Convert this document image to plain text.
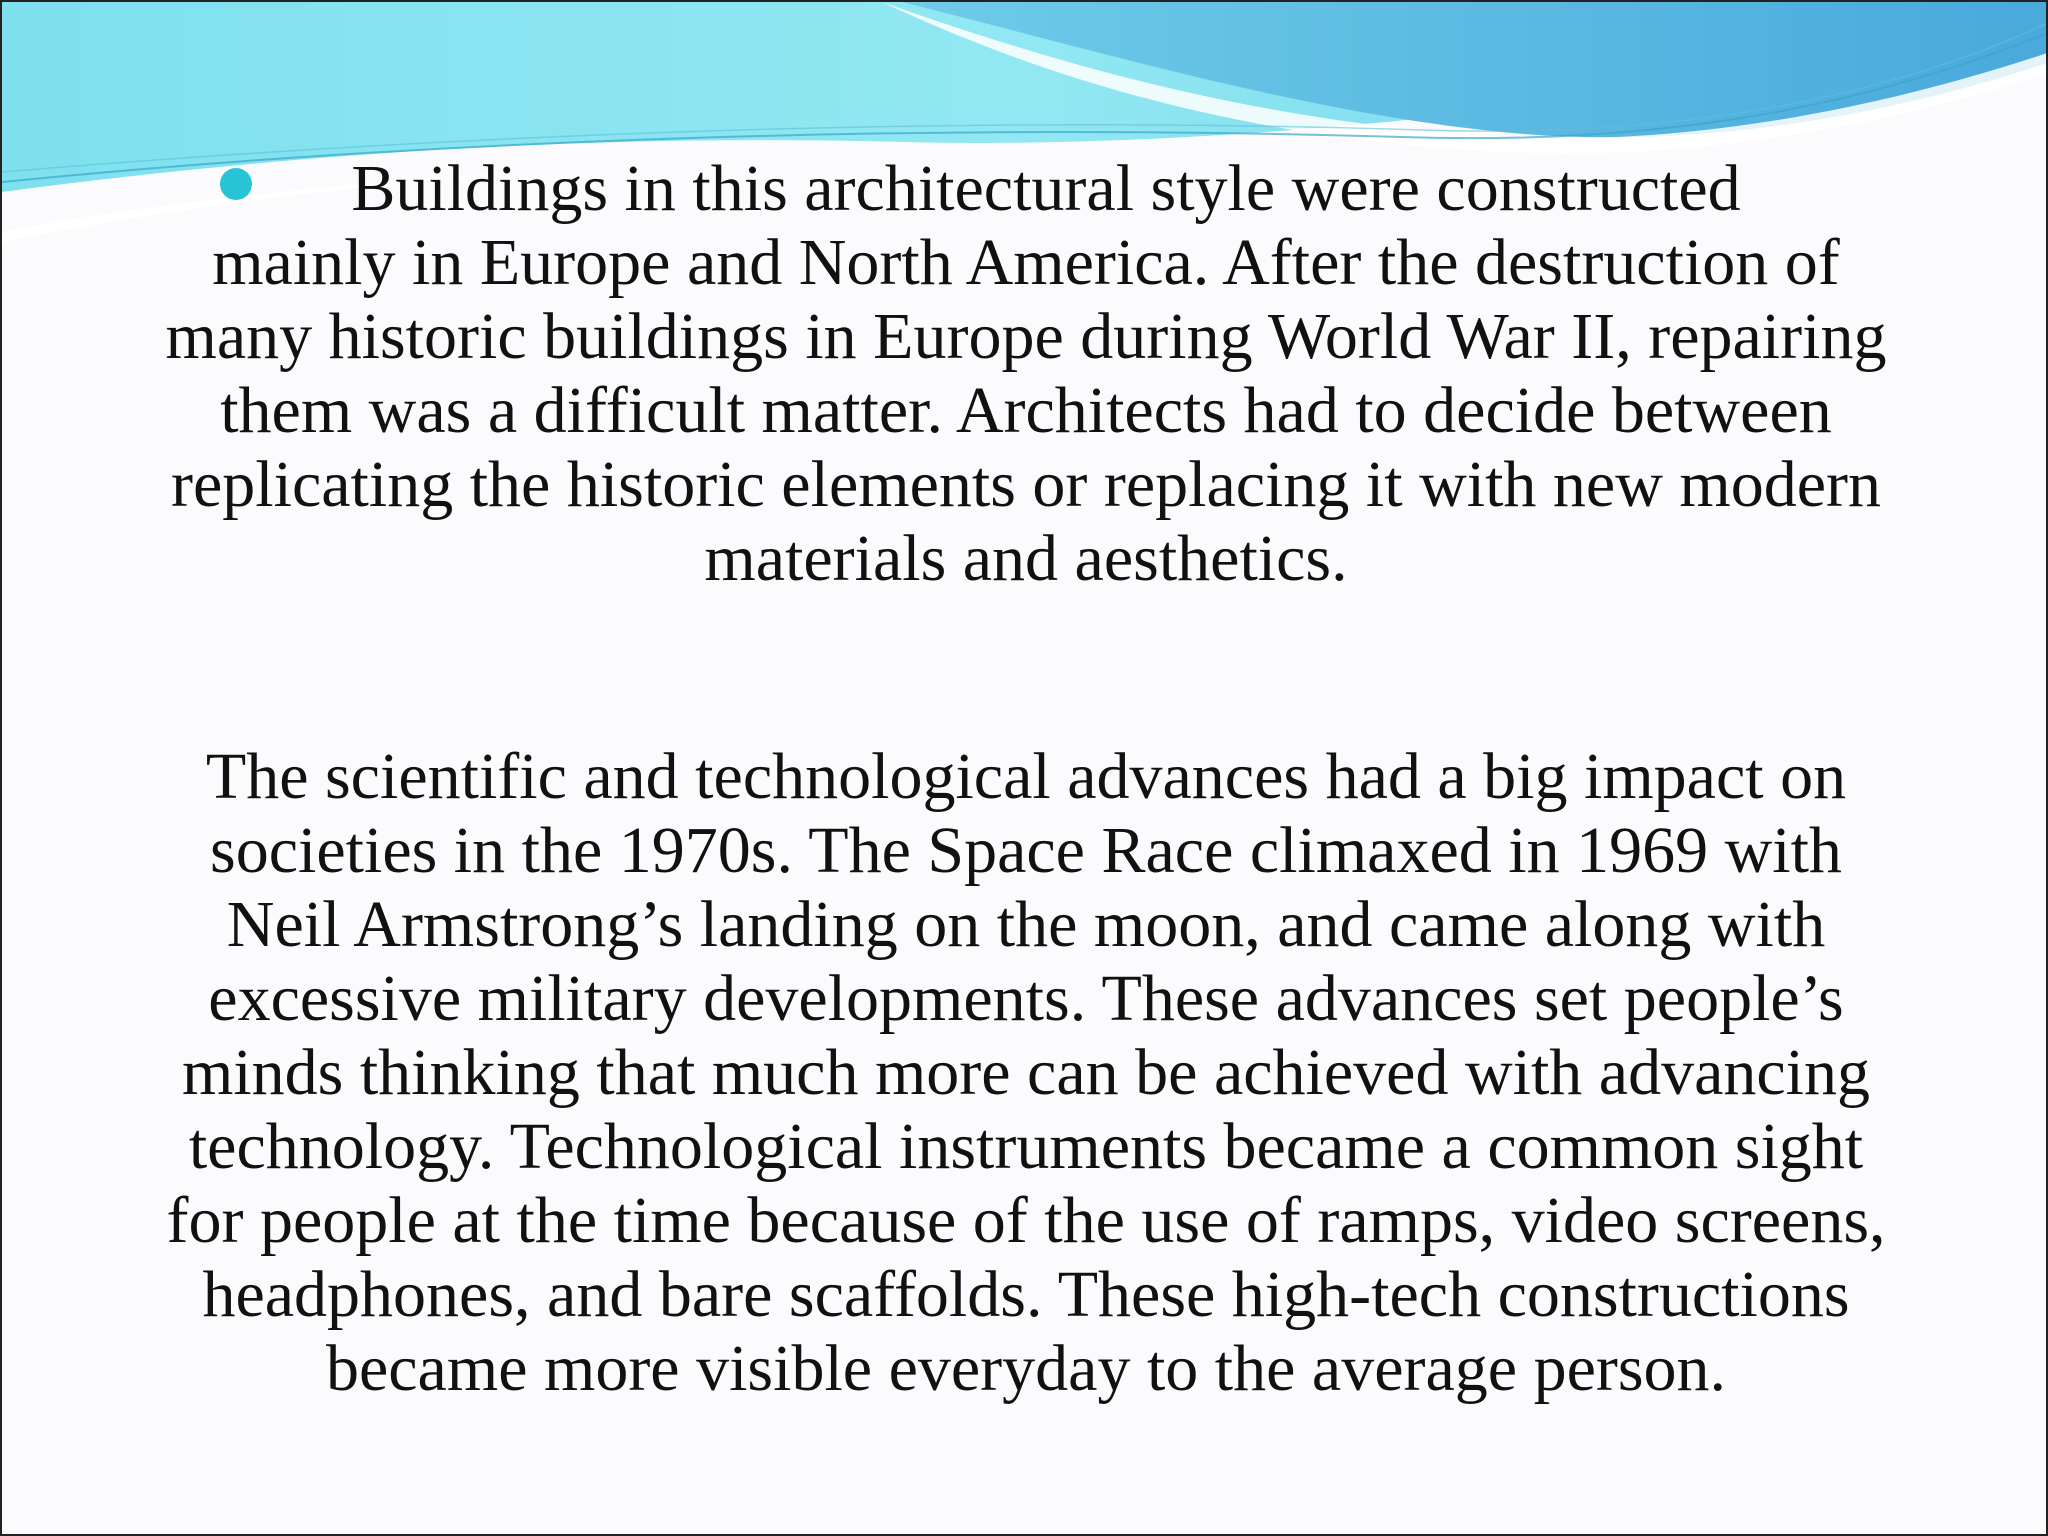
Buildings in this architectural style were constructed
mainly in Europe and North America. After the destruction of many historic buildings in Europe during World War II, repairing them was a difficult matter. Architects had to decide between replicating the historic elements or replacing it with new modern materials and aesthetics.
The scientific and technological advances had a big impact on societies in the 1970s. The Space Race climaxed in 1969 with Neil Armstrong’s landing on the moon, and came along with excessive military developments. These advances set people’s minds thinking that much more can be achieved with advancing technology. Technological instruments became a common sight for people at the time because of the use of ramps, video screens, headphones, and bare scaffolds. These high-tech constructions became more visible everyday to the average person.
